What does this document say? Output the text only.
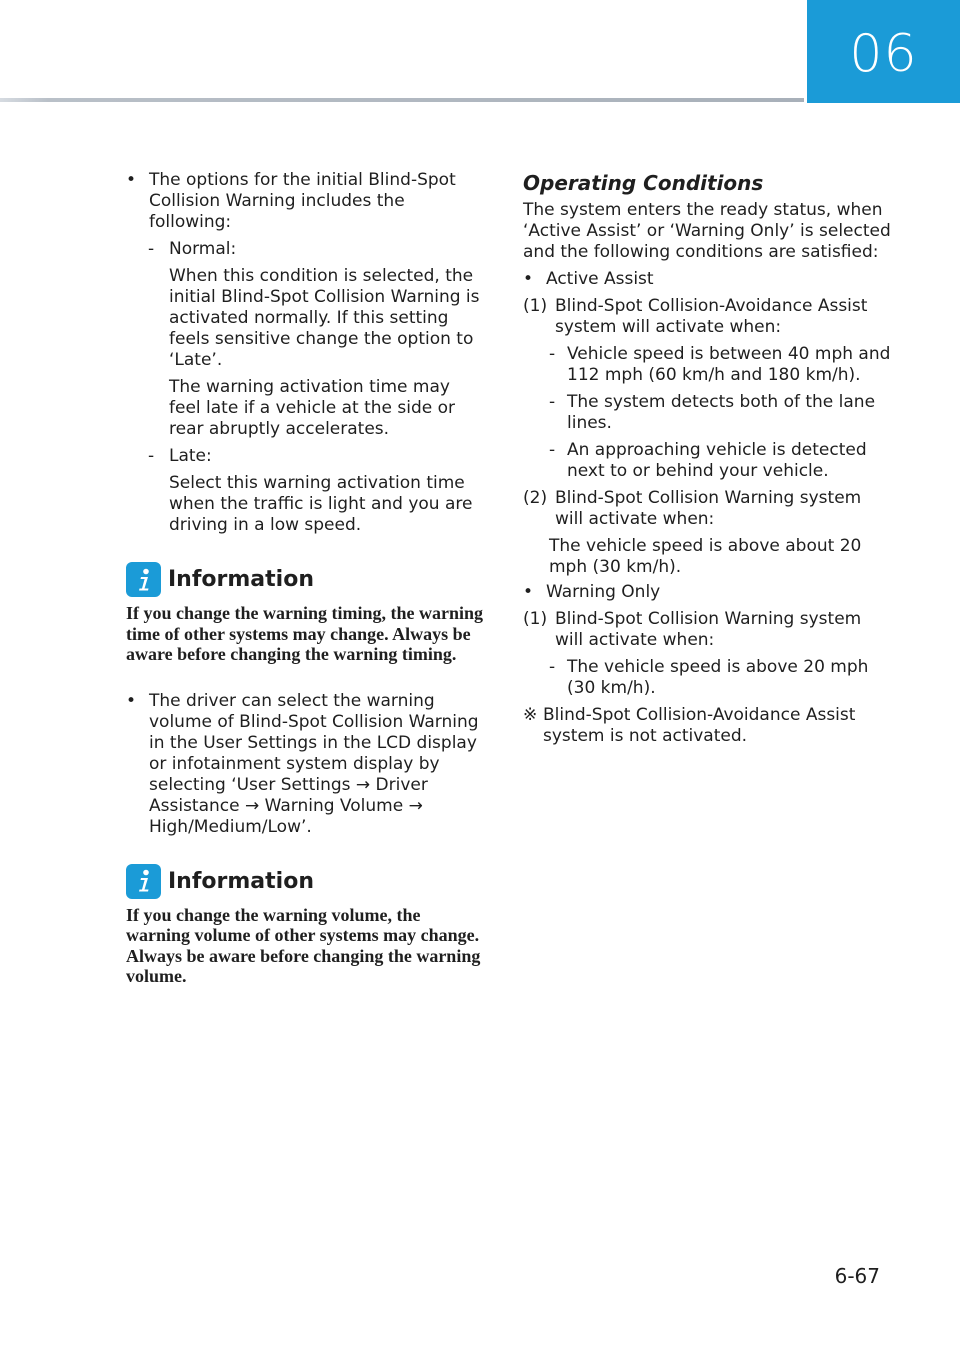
06
• The options for the initial Blind-Spot Collision Warning includes the following:
- Normal:
When this condition is selected, the initial Blind-Spot Collision Warning is activated normally. If this setting feels sensitive change the option to ‘Late’.
The warning activation time may feel late if a vehicle at the side or rear abruptly accelerates.
- Late:
Select this warning activation time when the traffic is light and you are driving in a low speed.
Information
If you change the warning timing, the warning time of other systems may change. Always be aware before changing the warning timing.
• The driver can select the warning volume of Blind-Spot Collision Warning in the User Settings in the LCD display or infotainment system display by selecting ‘User Settings → Driver Assistance → Warning Volume → High/Medium/Low’.
Information
If you change the warning volume, the warning volume of other systems may change. Always be aware before changing the warning volume.
Operating Conditions
The system enters the ready status, when ‘Active Assist’ or ‘Warning Only’ is selected and the following conditions are satisfied:
• Active Assist
(1) Blind-Spot Collision-Avoidance Assist system will activate when:
- Vehicle speed is between 40 mph and 112 mph (60 km/h and 180 km/h).
- The system detects both of the lane lines.
- An approaching vehicle is detected next to or behind your vehicle.
(2) Blind-Spot Collision Warning system will activate when:
The vehicle speed is above about 20 mph (30 km/h).
• Warning Only
(1) Blind-Spot Collision Warning system will activate when:
- The vehicle speed is above 20 mph (30 km/h).
※ Blind-Spot Collision-Avoidance Assist system is not activated.
6-67
